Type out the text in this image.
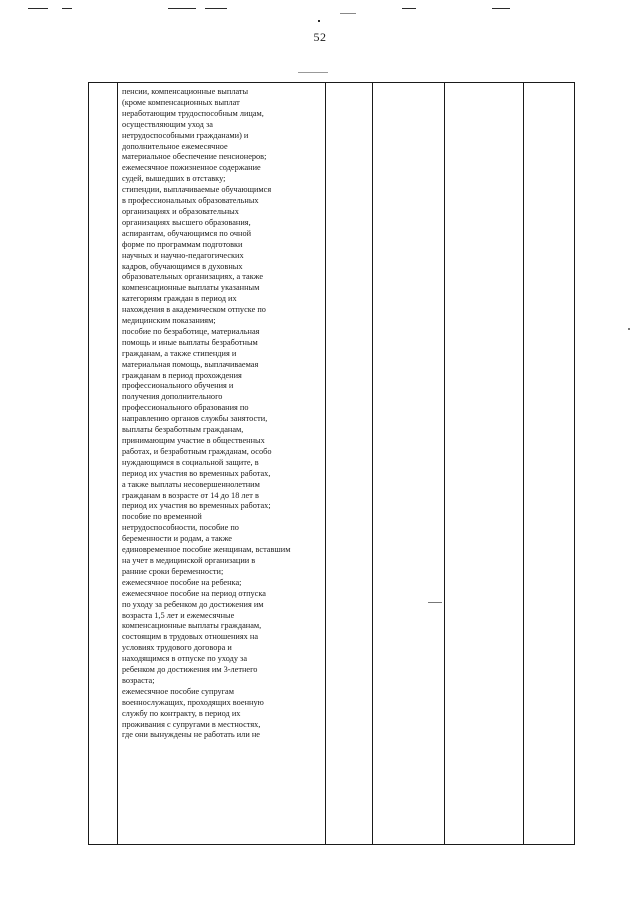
52
пенсии, компенсационные выплаты
(кроме компенсационных выплат
неработающим трудоспособным лицам,
осуществляющим уход за
нетрудоспособными гражданами) и
дополнительное ежемесячное
материальное обеспечение пенсионеров;
ежемесячное пожизненное содержание
судей, вышедших в отставку;
стипендии, выплачиваемые обучающимся
в профессиональных образовательных
организациях и образовательных
организациях высшего образования,
аспирантам, обучающимся по очной
форме по программам подготовки
научных и научно-педагогических
кадров, обучающимся в духовных
образовательных организациях, а также
компенсационные выплаты указанным
категориям граждан в период их
нахождения в академическом отпуске по
медицинским показаниям;
пособие по безработице, материальная
помощь и иные выплаты безработным
гражданам, а также стипендия и
материальная помощь, выплачиваемая
гражданам в период прохождения
профессионального обучения и
получения дополнительного
профессионального образования по
направлению органов службы занятости,
выплаты безработным гражданам,
принимающим участие в общественных
работах, и безработным гражданам, особо
нуждающимся в социальной защите, в
период их участия во временных работах,
а также выплаты несовершеннолетним
гражданам в возрасте от 14 до 18 лет в
период их участия во временных работах;
пособие по временной
нетрудоспособности, пособие по
беременности и родам, а также
единовременное пособие женщинам, вставшим
на учет в медицинской организации в
ранние сроки беременности;
ежемесячное пособие на ребенка;
ежемесячное пособие на период отпуска
по уходу за ребенком до достижения им
возраста 1,5 лет и ежемесячные
компенсационные выплаты гражданам,
состоящим в трудовых отношениях на
условиях трудового договора и
находящимся в отпуске по уходу за
ребенком до достижения им 3-летнего
возраста;
ежемесячное пособие супругам
военнослужащих, проходящих военную
службу по контракту, в период их
проживания с супругами в местностях,
где они вынуждены не работать или не
